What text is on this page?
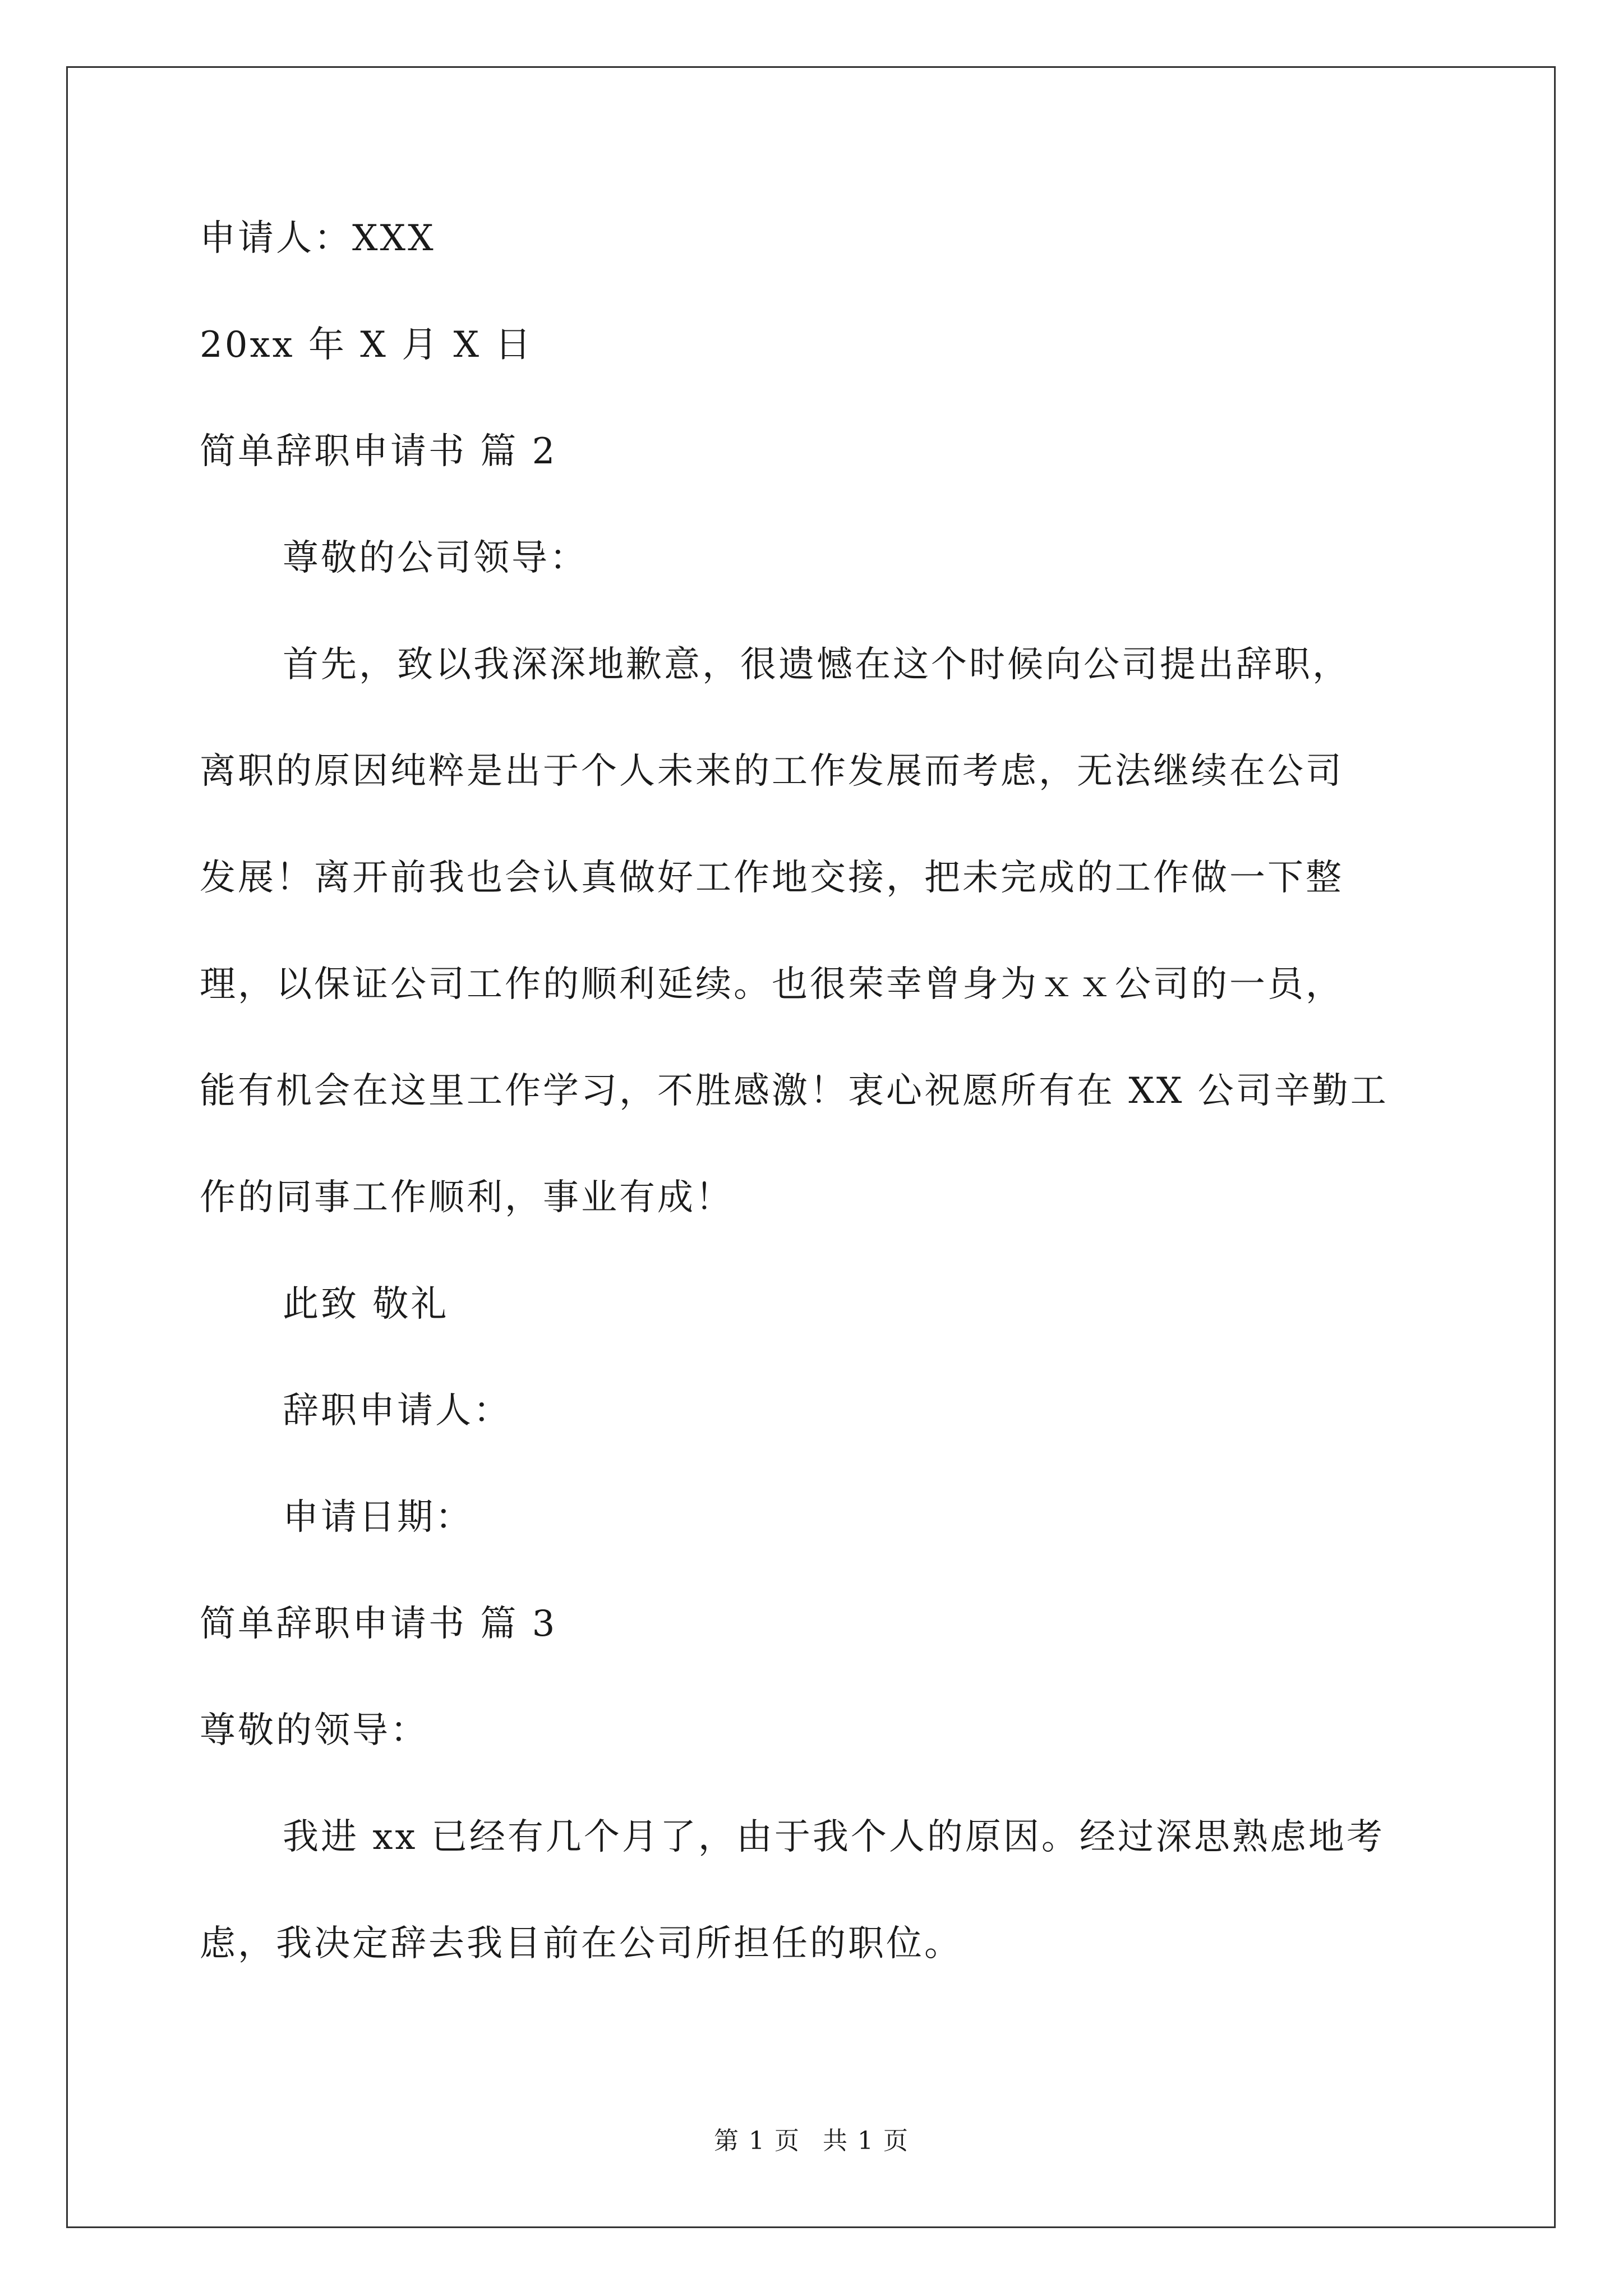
申请人：XXX
20xx 年 X 月 X 日
简单辞职申请书 篇 2
尊敬的公司领导：
首先，致以我深深地歉意，很遗憾在这个时候向公司提出辞职，
离职的原因纯粹是出于个人未来的工作发展而考虑，无法继续在公司
发展！离开前我也会认真做好工作地交接，把未完成的工作做一下整
理，以保证公司工作的顺利延续。也很荣幸曾身为ｘｘ公司的一员，
能有机会在这里工作学习，不胜感激！衷心祝愿所有在 XX 公司辛勤工
作的同事工作顺利，事业有成！
此致 敬礼
辞职申请人：
申请日期：
简单辞职申请书 篇 3
尊敬的领导：
我进 xx 已经有几个月了，由于我个人的原因。经过深思熟虑地考
虑，我决定辞去我目前在公司所担任的职位。
第 1 页 共 1 页
